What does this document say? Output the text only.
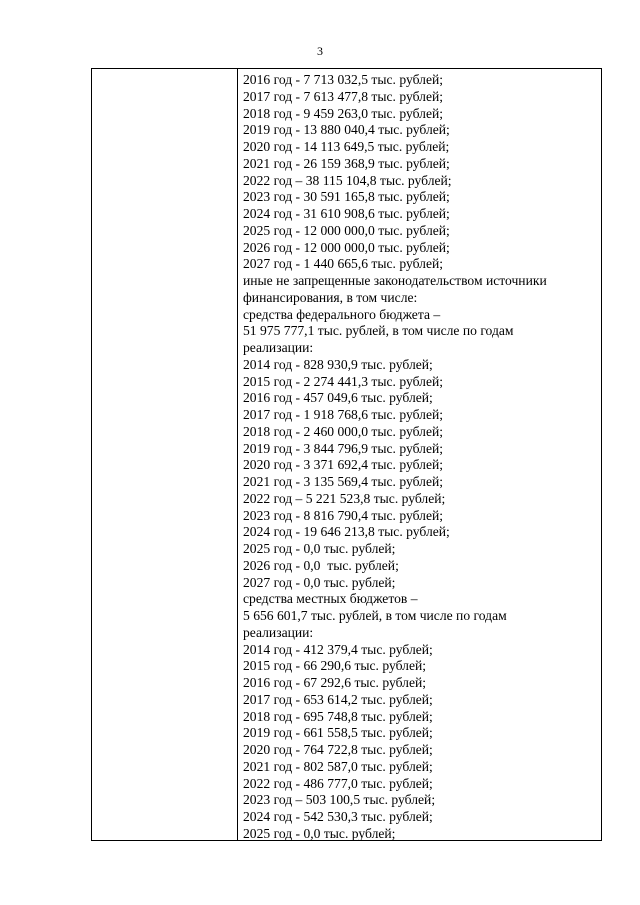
3
2016 год - 7 713 032,5 тыс. рублей;
2017 год - 7 613 477,8 тыс. рублей;
2018 год - 9 459 263,0 тыс. рублей;
2019 год - 13 880 040,4 тыс. рублей;
2020 год - 14 113 649,5 тыс. рублей;
2021 год - 26 159 368,9 тыс. рублей;
2022 год – 38 115 104,8 тыс. рублей;
2023 год - 30 591 165,8 тыс. рублей;
2024 год - 31 610 908,6 тыс. рублей;
2025 год - 12 000 000,0 тыс. рублей;
2026 год - 12 000 000,0 тыс. рублей;
2027 год - 1 440 665,6 тыс. рублей;
иные не запрещенные законодательством источники
финансирования, в том числе:
средства федерального бюджета –
51 975 777,1 тыс. рублей, в том числе по годам
реализации:
2014 год - 828 930,9 тыс. рублей;
2015 год - 2 274 441,3 тыс. рублей;
2016 год - 457 049,6 тыс. рублей;
2017 год - 1 918 768,6 тыс. рублей;
2018 год - 2 460 000,0 тыс. рублей;
2019 год - 3 844 796,9 тыс. рублей;
2020 год - 3 371 692,4 тыс. рублей;
2021 год - 3 135 569,4 тыс. рублей;
2022 год – 5 221 523,8 тыс. рублей;
2023 год - 8 816 790,4 тыс. рублей;
2024 год - 19 646 213,8 тыс. рублей;
2025 год - 0,0 тыс. рублей;
2026 год - 0,0  тыс. рублей;
2027 год - 0,0 тыс. рублей;
средства местных бюджетов –
5 656 601,7 тыс. рублей, в том числе по годам
реализации:
2014 год - 412 379,4 тыс. рублей;
2015 год - 66 290,6 тыс. рублей;
2016 год - 67 292,6 тыс. рублей;
2017 год - 653 614,2 тыс. рублей;
2018 год - 695 748,8 тыс. рублей;
2019 год - 661 558,5 тыс. рублей;
2020 год - 764 722,8 тыс. рублей;
2021 год - 802 587,0 тыс. рублей;
2022 год - 486 777,0 тыс. рублей;
2023 год – 503 100,5 тыс. рублей;
2024 год - 542 530,3 тыс. рублей;
2025 год - 0,0 тыс. рублей;
